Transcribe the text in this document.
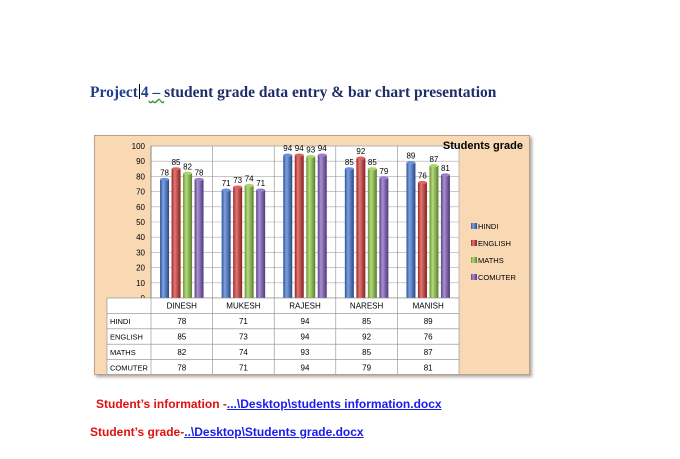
Project 4 – student grade data entry & bar chart presentation
10
20
30
40
50
60
70
80
90
100
78
85
82
78
71 73 74
71
94 94 93 94
85
92
85
79
89
76
87
81
HINDI
ENGLISH
MATHS
COMUTER
DINESH	MUKESH	RAJESH	NARESH	MANISH
HINDI	78	71	94	85	89
ENGLISH	85	73	94	92	76
MATHS	82	74	93	85	87
COMUTER	78	71	94	79	81
Students grade
Student’s information -...\Desktop\students information.docx
Student’s grade-..\Desktop\Students grade.docx
